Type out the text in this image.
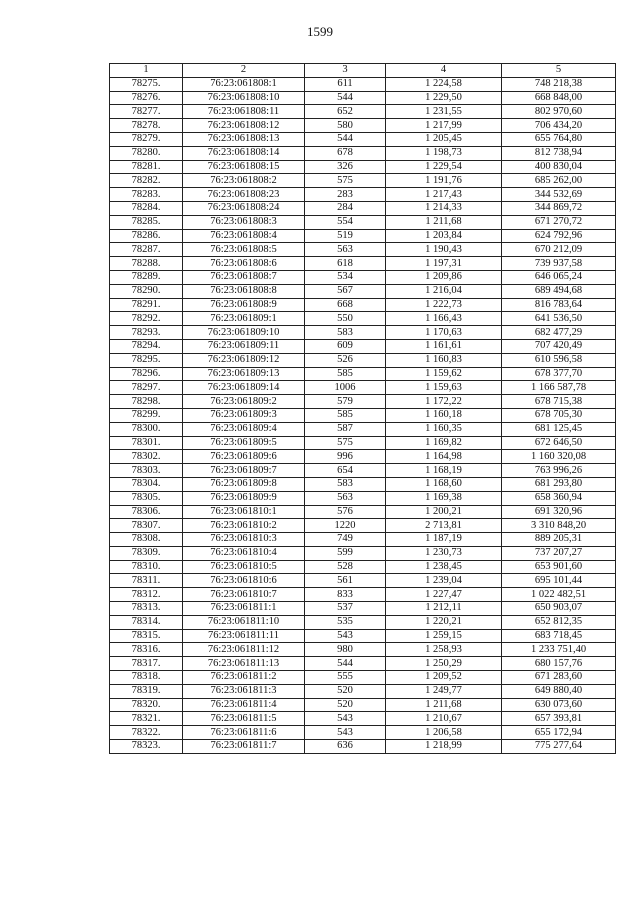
1599
1	2	3	4	5
78275.	76:23:061808:1	611	1 224,58	748 218,38
78276.	76:23:061808:10	544	1 229,50	668 848,00
78277.	76:23:061808:11	652	1 231,55	802 970,60
78278.	76:23:061808:12	580	1 217,99	706 434,20
78279.	76:23:061808:13	544	1 205,45	655 764,80
78280.	76:23:061808:14	678	1 198,73	812 738,94
78281.	76:23:061808:15	326	1 229,54	400 830,04
78282.	76:23:061808:2	575	1 191,76	685 262,00
78283.	76:23:061808:23	283	1 217,43	344 532,69
78284.	76:23:061808:24	284	1 214,33	344 869,72
78285.	76:23:061808:3	554	1 211,68	671 270,72
78286.	76:23:061808:4	519	1 203,84	624 792,96
78287.	76:23:061808:5	563	1 190,43	670 212,09
78288.	76:23:061808:6	618	1 197,31	739 937,58
78289.	76:23:061808:7	534	1 209,86	646 065,24
78290.	76:23:061808:8	567	1 216,04	689 494,68
78291.	76:23:061808:9	668	1 222,73	816 783,64
78292.	76:23:061809:1	550	1 166,43	641 536,50
78293.	76:23:061809:10	583	1 170,63	682 477,29
78294.	76:23:061809:11	609	1 161,61	707 420,49
78295.	76:23:061809:12	526	1 160,83	610 596,58
78296.	76:23:061809:13	585	1 159,62	678 377,70
78297.	76:23:061809:14	1006	1 159,63	1 166 587,78
78298.	76:23:061809:2	579	1 172,22	678 715,38
78299.	76:23:061809:3	585	1 160,18	678 705,30
78300.	76:23:061809:4	587	1 160,35	681 125,45
78301.	76:23:061809:5	575	1 169,82	672 646,50
78302.	76:23:061809:6	996	1 164,98	1 160 320,08
78303.	76:23:061809:7	654	1 168,19	763 996,26
78304.	76:23:061809:8	583	1 168,60	681 293,80
78305.	76:23:061809:9	563	1 169,38	658 360,94
78306.	76:23:061810:1	576	1 200,21	691 320,96
78307.	76:23:061810:2	1220	2 713,81	3 310 848,20
78308.	76:23:061810:3	749	1 187,19	889 205,31
78309.	76:23:061810:4	599	1 230,73	737 207,27
78310.	76:23:061810:5	528	1 238,45	653 901,60
78311.	76:23:061810:6	561	1 239,04	695 101,44
78312.	76:23:061810:7	833	1 227,47	1 022 482,51
78313.	76:23:061811:1	537	1 212,11	650 903,07
78314.	76:23:061811:10	535	1 220,21	652 812,35
78315.	76:23:061811:11	543	1 259,15	683 718,45
78316.	76:23:061811:12	980	1 258,93	1 233 751,40
78317.	76:23:061811:13	544	1 250,29	680 157,76
78318.	76:23:061811:2	555	1 209,52	671 283,60
78319.	76:23:061811:3	520	1 249,77	649 880,40
78320.	76:23:061811:4	520	1 211,68	630 073,60
78321.	76:23:061811:5	543	1 210,67	657 393,81
78322.	76:23:061811:6	543	1 206,58	655 172,94
78323.	76:23:061811:7	636	1 218,99	775 277,64
